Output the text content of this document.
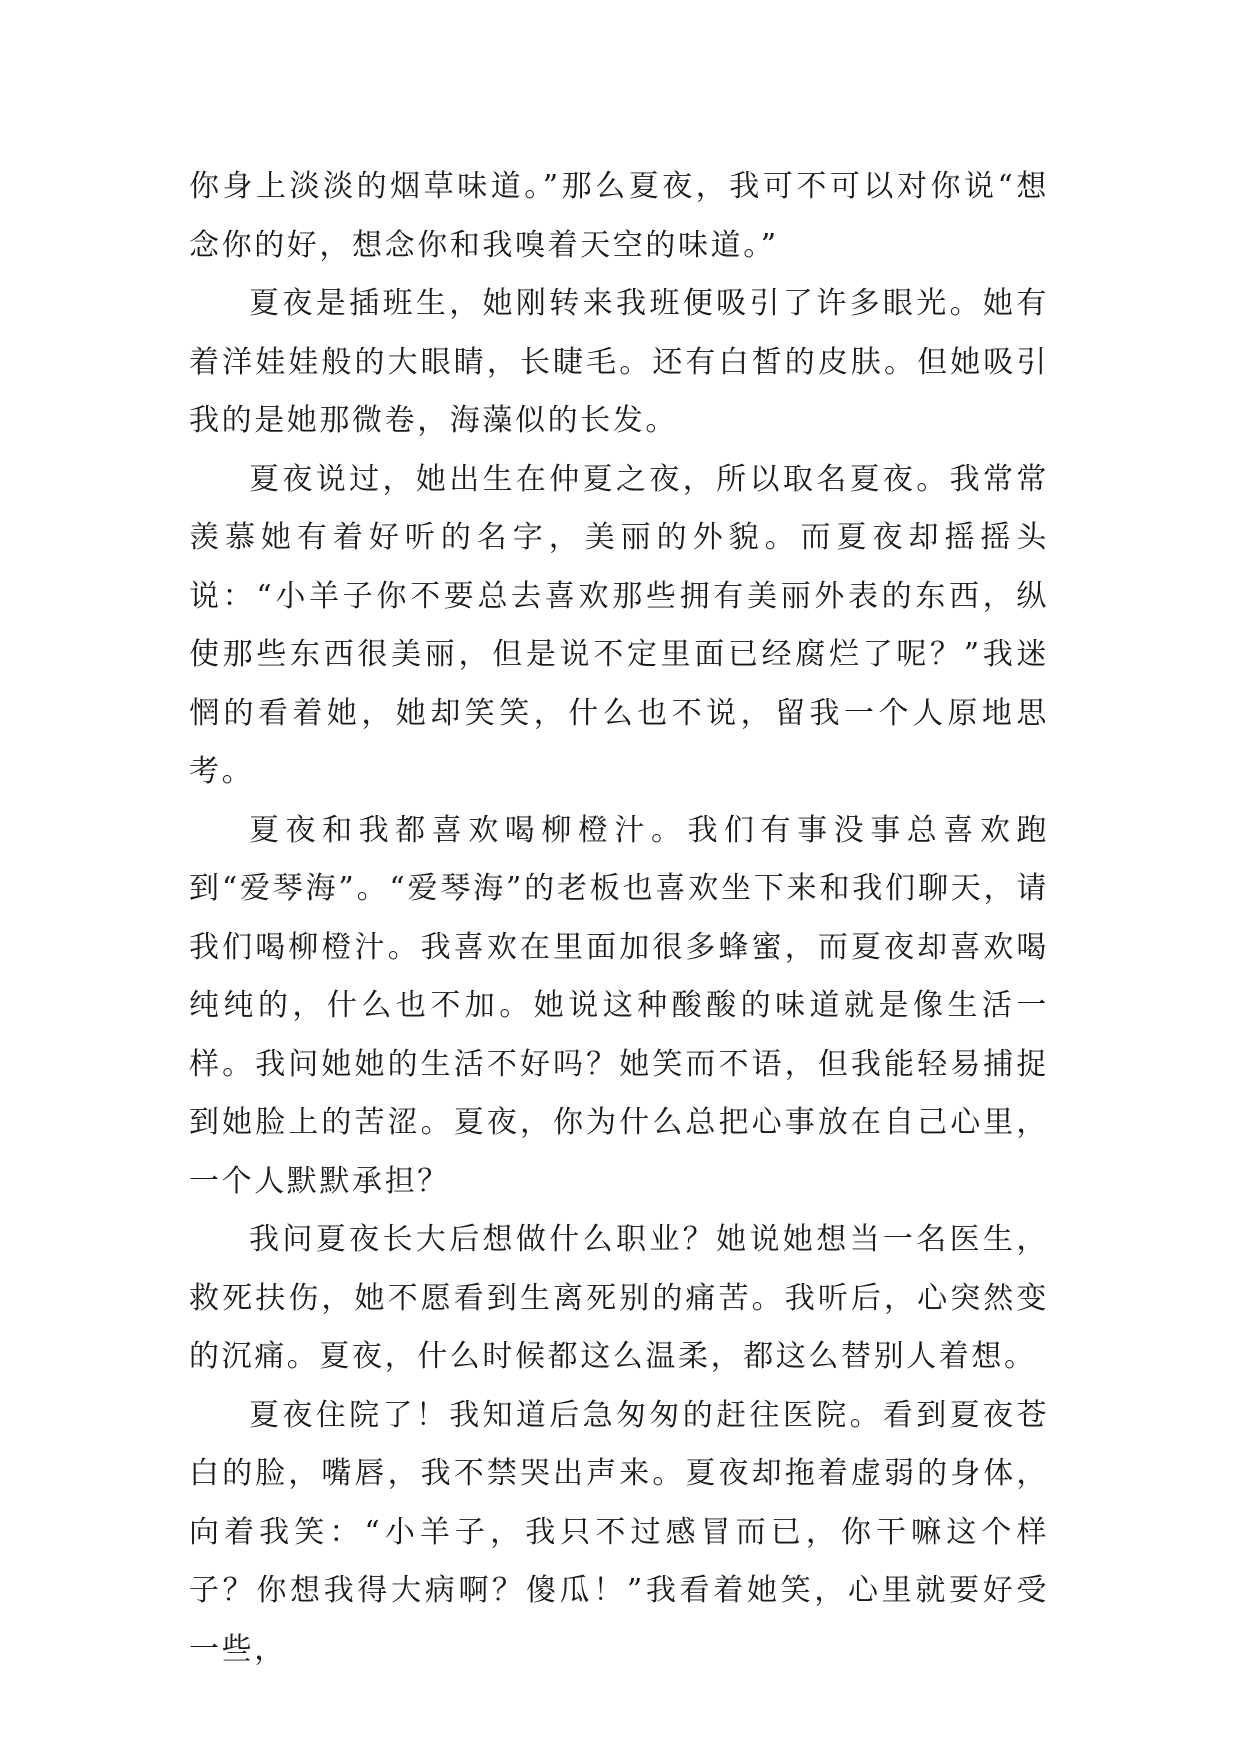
你身上淡淡的烟草味道。”那么夏夜，我可不可以对你说“想念你的好，想念你和我嗅着天空的味道。”

夏夜是插班生，她刚转来我班便吸引了许多眼光。她有着洋娃娃般的大眼睛，长睫毛。还有白皙的皮肤。但她吸引我的是她那微卷，海藻似的长发。

夏夜说过，她出生在仲夏之夜，所以取名夏夜。我常常羡慕她有着好听的名字，美丽的外貌。而夏夜却摇摇头说：“小羊子你不要总去喜欢那些拥有美丽外表的东西，纵使那些东西很美丽，但是说不定里面已经腐烂了呢？”我迷惘的看着她，她却笑笑，什么也不说，留我一个人原地思考。

夏夜和我都喜欢喝柳橙汁。我们有事没事总喜欢跑到“爱琴海”。“爱琴海”的老板也喜欢坐下来和我们聊天，请我们喝柳橙汁。我喜欢在里面加很多蜂蜜，而夏夜却喜欢喝纯纯的，什么也不加。她说这种酸酸的味道就是像生活一样。我问她她的生活不好吗？她笑而不语，但我能轻易捕捉到她脸上的苦涩。夏夜，你为什么总把心事放在自己心里，一个人默默承担？

我问夏夜长大后想做什么职业？她说她想当一名医生，救死扶伤，她不愿看到生离死别的痛苦。我听后，心突然变的沉痛。夏夜，什么时候都这么温柔，都这么替别人着想。

夏夜住院了！我知道后急匆匆的赶往医院。看到夏夜苍白的脸，嘴唇，我不禁哭出声来。夏夜却拖着虚弱的身体，向着我笑：“小羊子，我只不过感冒而已，你干嘛这个样子？你想我得大病啊？傻瓜！”我看着她笑，心里就要好受一些，
